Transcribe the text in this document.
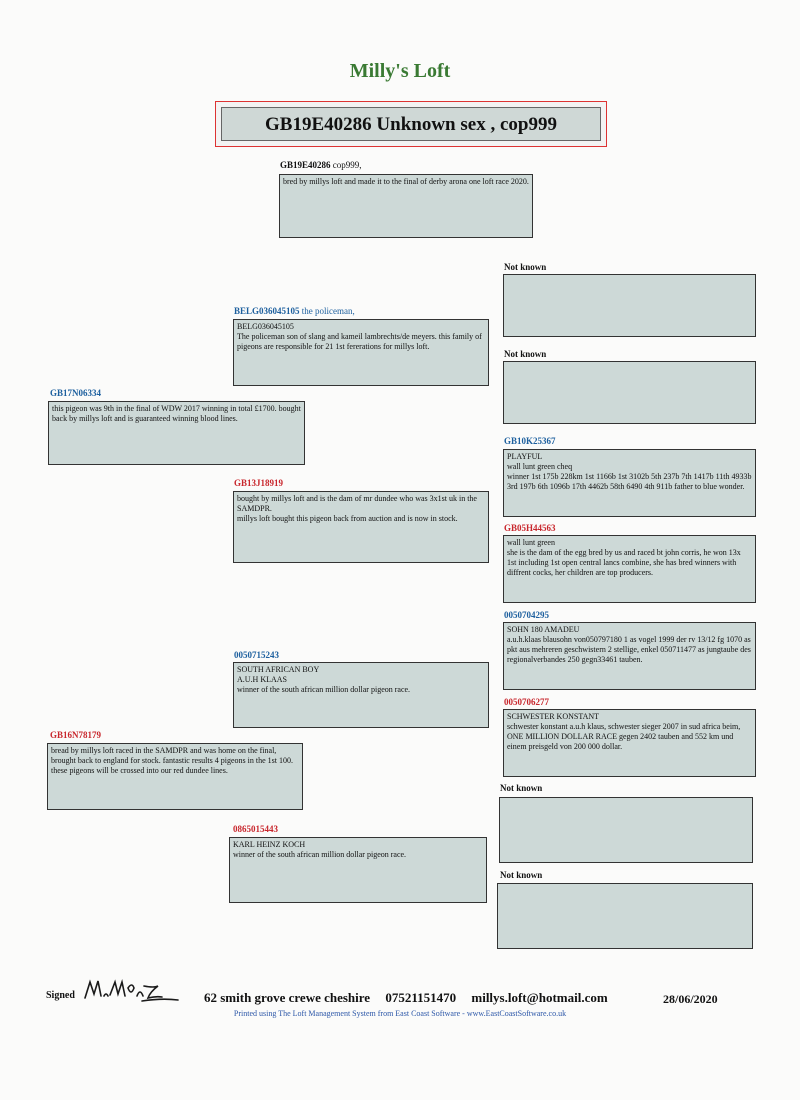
Milly's Loft
GB19E40286 Unknown sex , cop999
GB19E40286 cop999,
bred by millys loft and made it to the final of derby arona one loft race 2020.
BELG036045105 the policeman,
BELG036045105
The policeman son of slang and kameil lambrechts/de meyers. this family of pigeons are responsible for 21 1st fererations for millys loft.
GB17N06334
this pigeon was 9th in the final of WDW 2017 winning in total £1700. bought back by millys loft and is guaranteed winning blood lines.
Not known
Not known
GB10K25367
PLAYFUL
wall lunt green cheq
winner 1st 175b 228km 1st 1166b 1st 3102b 5th 237b 7th 1417b 11th 4933b 3rd 197b 6th 1096b 17th 4462b 58th 6490 4th 911b father to blue wonder.
GB13J18919
bought by millys loft and is the dam of mr dundee who was 3x1st uk in the SAMDPR.
millys loft bought this pigeon back from auction and is now in stock.
GB05H44563
wall lunt green
she is the dam of the egg bred by us and raced bt john corris, he won 13x 1st including 1st open central lancs combine, she has bred winners with diffrent cocks, her children are top producers.
0050704295
SOHN 180 AMADEU
a.u.h.klaas blausohn von050797180 1 as vogel 1999 der rv 13/12 fg 1070 as pkt aus mehreren geschwistern 2 stellige, enkel 050711477 as jungtaube des regionalverbandes 250 gegn33461 tauben.
0050715243
SOUTH AFRICAN BOY
A.U.H KLAAS
winner of the south african million dollar pigeon race.
0050706277
SCHWESTER KONSTANT
schwester konstant a.u.h klaus, schwester sieger 2007 in sud africa beim, ONE MILLION DOLLAR RACE gegen 2402 tauben and 552 km und einem preisgeld von 200 000 dollar.
GB16N78179
bread by millys loft raced in the SAMDPR and was home on the final, brought back to england for stock. fantastic results 4 pigeons in the 1st 100. these pigeons will be crossed into our red dundee lines.
Not known
0865015443
KARL HEINZ KOCH
winner of the south african million dollar pigeon race.
Not known
Signed	62 smith grove crewe cheshire 07521151470 millys.loft@hotmail.com	28/06/2020
Printed using The Loft Management System from East Coast Software - www.EastCoastSoftware.co.uk
